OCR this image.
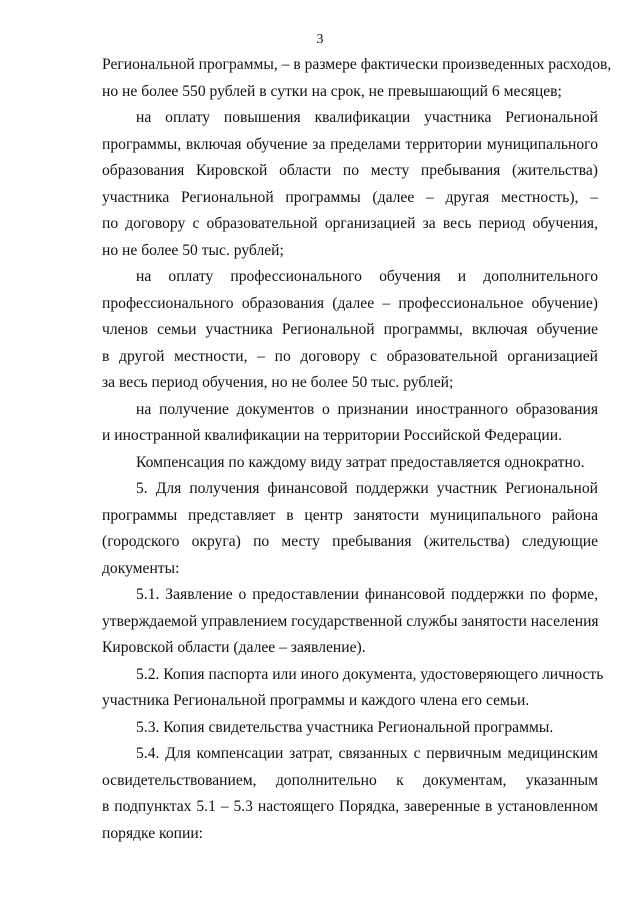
3

Региональной программы, – в размере фактически произведенных расходов,

но не более 550 рублей в сутки на срок, не превышающий 6 месяцев;

на оплату повышения квалификации участника Региональной

программы, включая обучение за пределами территории муниципального

образования Кировской области по месту пребывания (жительства)

участника Региональной программы (далее – другая местность), –

по договору с образовательной организацией за весь период обучения,

но не более 50 тыс. рублей;

на оплату профессионального обучения и дополнительного

профессионального образования (далее – профессиональное обучение)

членов семьи участника Региональной программы, включая обучение

в другой местности, – по договору с образовательной организацией

за весь период обучения, но не более 50 тыс. рублей;

на получение документов о признании иностранного образования

и иностранной квалификации на территории Российской Федерации.

Компенсация по каждому виду затрат предоставляется однократно.

5. Для получения финансовой поддержки участник Региональной

программы представляет в центр занятости муниципального района

(городского округа) по месту пребывания (жительства) следующие

документы:

5.1. Заявление о предоставлении финансовой поддержки по форме,

утверждаемой управлением государственной службы занятости населения

Кировской области (далее – заявление).

5.2. Копия паспорта или иного документа, удостоверяющего личность

участника Региональной программы и каждого члена его семьи.

5.3. Копия свидетельства участника Региональной программы.

5.4. Для компенсации затрат, связанных с первичным медицинским

освидетельствованием, дополнительно к документам, указанным

в подпунктах 5.1 – 5.3 настоящего Порядка, заверенные в установленном

порядке копии:
